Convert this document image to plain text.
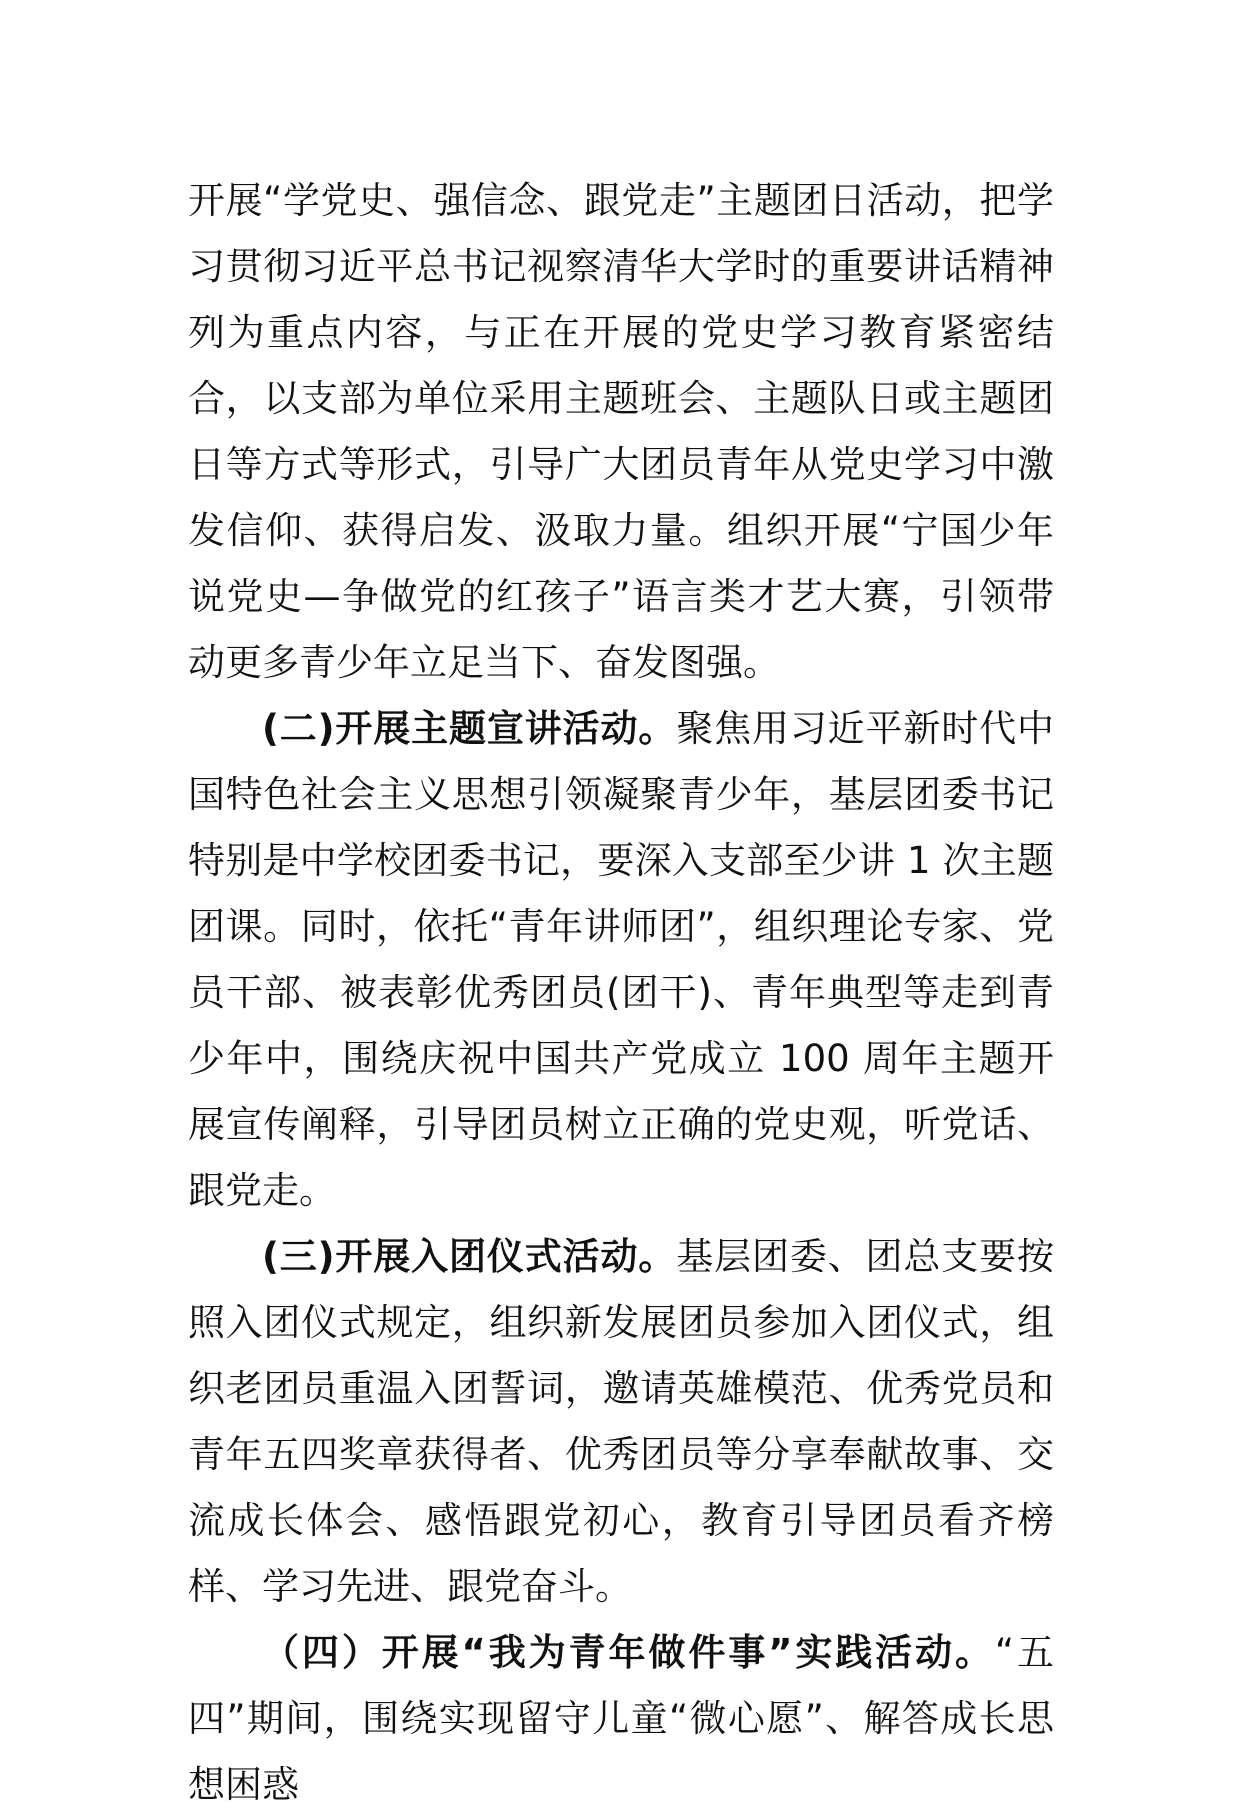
开展“学党史、强信念、跟党走”主题团日活动，把学习贯彻习近平总书记视察清华大学时的重要讲话精神列为重点内容，与正在开展的党史学习教育紧密结合，以支部为单位采用主题班会、主题队日或主题团日等方式等形式，引导广大团员青年从党史学习中激发信仰、获得启发、汲取力量。组织开展“宁国少年说党史—争做党的红孩子”语言类才艺大赛，引领带动更多青少年立足当下、奋发图强。

(二)开展主题宣讲活动。聚焦用习近平新时代中国特色社会主义思想引领凝聚青少年，基层团委书记特别是中学校团委书记，要深入支部至少讲 1 次主题团课。同时，依托“青年讲师团”，组织理论专家、党员干部、被表彰优秀团员(团干)、青年典型等走到青少年中，围绕庆祝中国共产党成立 100 周年主题开展宣传阐释，引导团员树立正确的党史观，听党话、跟党走。

(三)开展入团仪式活动。基层团委、团总支要按照入团仪式规定，组织新发展团员参加入团仪式，组织老团员重温入团誓词，邀请英雄模范、优秀党员和青年五四奖章获得者、优秀团员等分享奉献故事、交流成长体会、感悟跟党初心，教育引导团员看齐榜样、学习先进、跟党奋斗。

（四）开展“我为青年做件事”实践活动。“五四”期间，围绕实现留守儿童“微心愿”、解答成长思想困惑
